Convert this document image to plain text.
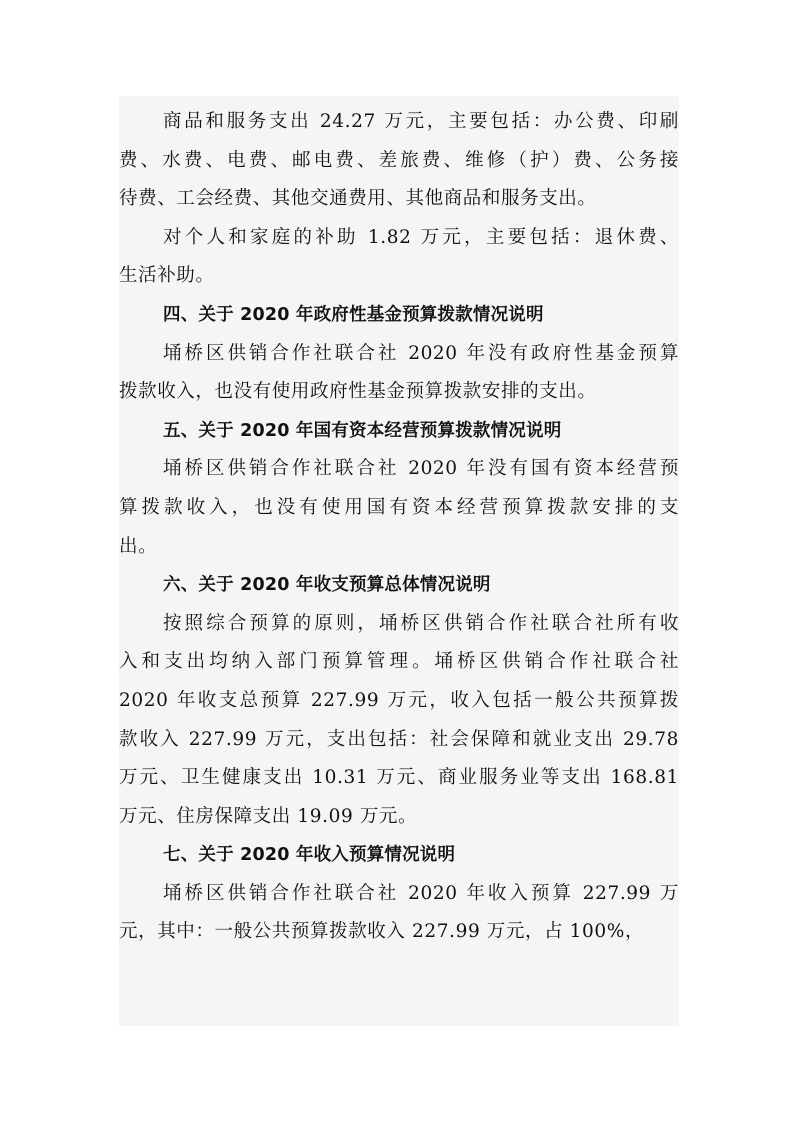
商品和服务支出 24.27 万元，主要包括：办公费、印刷
费、水费、电费、邮电费、差旅费、维修（护）费、公务接
待费、工会经费、其他交通费用、其他商品和服务支出。
对个人和家庭的补助 1.82 万元，主要包括：退休费、
生活补助。
四、关于 2020 年政府性基金预算拨款情况说明
埇桥区供销合作社联合社 2020 年没有政府性基金预算
拨款收入，也没有使用政府性基金预算拨款安排的支出。
五、关于 2020 年国有资本经营预算拨款情况说明
埇桥区供销合作社联合社 2020 年没有国有资本经营预
算拨款收入，也没有使用国有资本经营预算拨款安排的支
出。
六、关于 2020 年收支预算总体情况说明
按照综合预算的原则，埇桥区供销合作社联合社所有收
入和支出均纳入部门预算管理。埇桥区供销合作社联合社
2020 年收支总预算 227.99 万元，收入包括一般公共预算拨
款收入 227.99 万元，支出包括：社会保障和就业支出 29.78
万元、卫生健康支出 10.31 万元、商业服务业等支出 168.81
万元、住房保障支出 19.09 万元。
七、关于 2020 年收入预算情况说明
埇桥区供销合作社联合社 2020 年收入预算 227.99 万
元，其中：一般公共预算拨款收入 227.99 万元，占 100%，
